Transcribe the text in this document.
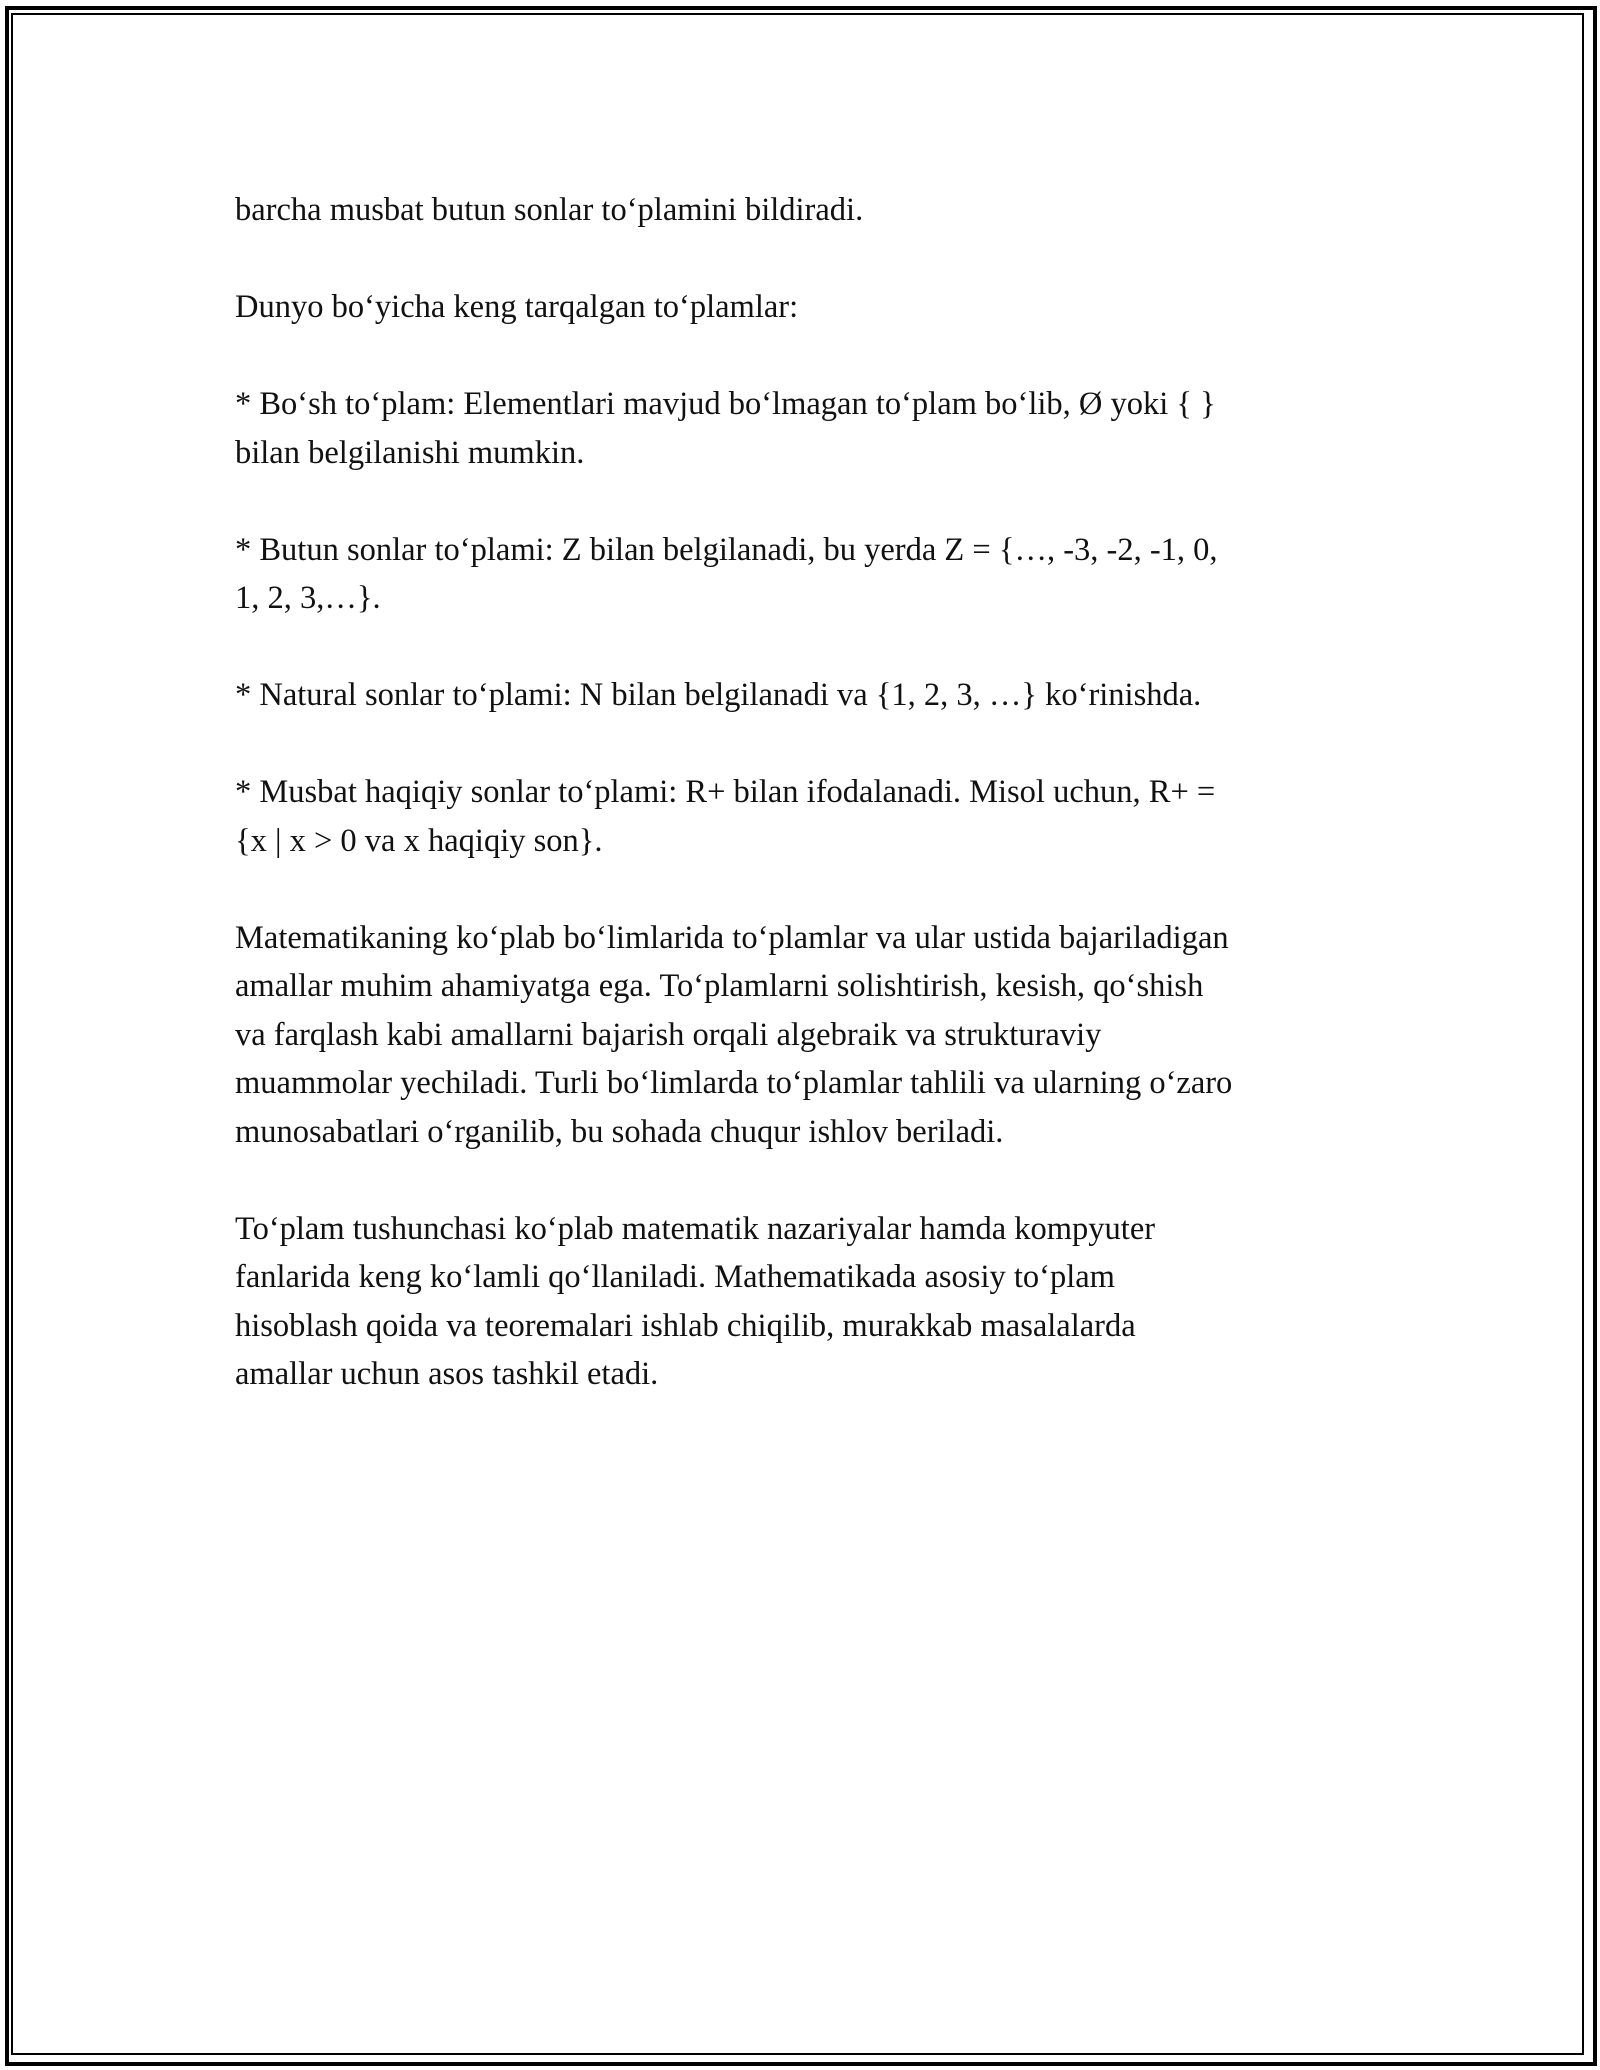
barcha musbat butun sonlar to‘plamini bildiradi.

Dunyo bo‘yicha keng tarqalgan to‘plamlar:

* Bo‘sh to‘plam: Elementlari mavjud bo‘lmagan to‘plam bo‘lib, Ø yoki { }
bilan belgilanishi mumkin.

* Butun sonlar to‘plami: Z bilan belgilanadi, bu yerda Z = {…, -3, -2, -1, 0,
1, 2, 3,…}.

* Natural sonlar to‘plami: N bilan belgilanadi va {1, 2, 3, …} ko‘rinishda.

* Musbat haqiqiy sonlar to‘plami: R+ bilan ifodalanadi. Misol uchun, R+ =
{x | x > 0 va x haqiqiy son}.

Matematikaning ko‘plab bo‘limlarida to‘plamlar va ular ustida bajariladigan
amallar muhim ahamiyatga ega. To‘plamlarni solishtirish, kesish, qo‘shish
va farqlash kabi amallarni bajarish orqali algebraik va strukturaviy
muammolar yechiladi. Turli bo‘limlarda to‘plamlar tahlili va ularning o‘zaro
munosabatlari o‘rganilib, bu sohada chuqur ishlov beriladi.

To‘plam tushunchasi ko‘plab matematik nazariyalar hamda kompyuter
fanlarida keng ko‘lamli qo‘llaniladi. Mathematikada asosiy to‘plam
hisoblash qoida va teoremalari ishlab chiqilib, murakkab masalalarda
amallar uchun asos tashkil etadi.
